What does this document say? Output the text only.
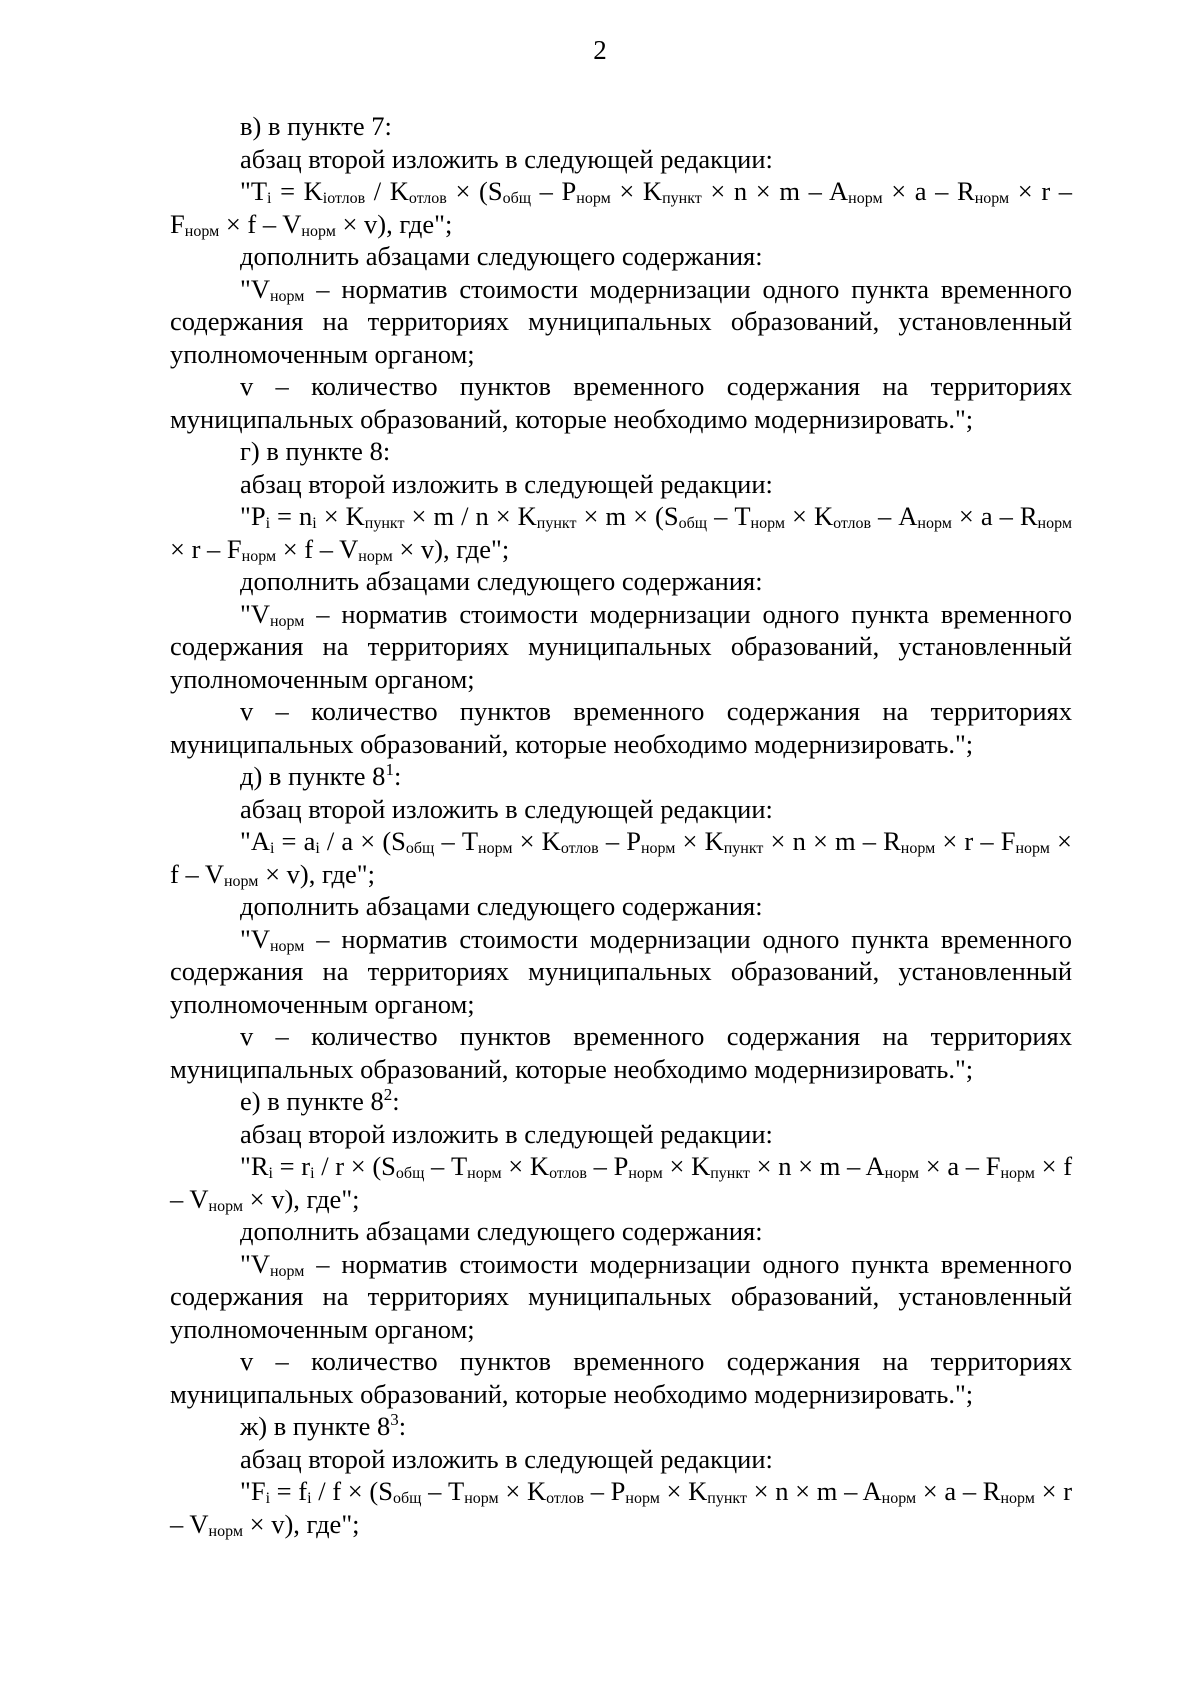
2

в) в пункте 7:

абзац второй изложить в следующей редакции:

"$T_i = K_{iотлов} / K_{отлов} \times (S_{общ} - P_{норм} \times K_{пункт} \times n \times m - A_{норм} \times a - R_{норм} \times r - F_{норм} \times f - V_{норм} \times v)$, где";

дополнить абзацами следующего содержания:

"$V_{норм}$ – норматив стоимости модернизации одного пункта временного содержания на территориях муниципальных образований, установленный уполномоченным органом;

v – количество пунктов временного содержания на территориях муниципальных образований, которые необходимо модернизировать.";

г) в пункте 8:

абзац второй изложить в следующей редакции:

"$P_i = n_i \times K_{пункт} \times m / n \times K_{пункт} \times m \times (S_{общ} - T_{норм} \times K_{отлов} - A_{норм} \times a - R_{норм} \times r - F_{норм} \times f - V_{норм} \times v)$, где";

дополнить абзацами следующего содержания:

"$V_{норм}$ – норматив стоимости модернизации одного пункта временного содержания на территориях муниципальных образований, установленный уполномоченным органом;

v – количество пунктов временного содержания на территориях муниципальных образований, которые необходимо модернизировать.";

д) в пункте $8^1$:

абзац второй изложить в следующей редакции:

"$A_i = a_i / a \times (S_{общ} - T_{норм} \times K_{отлов} - P_{норм} \times K_{пункт} \times n \times m - R_{норм} \times r - F_{норм} \times f - V_{норм} \times v)$, где";

дополнить абзацами следующего содержания:

"$V_{норм}$ – норматив стоимости модернизации одного пункта временного содержания на территориях муниципальных образований, установленный уполномоченным органом;

v – количество пунктов временного содержания на территориях муниципальных образований, которые необходимо модернизировать.";

е) в пункте $8^2$:

абзац второй изложить в следующей редакции:

"$R_i = r_i / r \times (S_{общ} - T_{норм} \times K_{отлов} - P_{норм} \times K_{пункт} \times n \times m - A_{норм} \times a - F_{норм} \times f - V_{норм} \times v)$, где";

дополнить абзацами следующего содержания:

"$V_{норм}$ – норматив стоимости модернизации одного пункта временного содержания на территориях муниципальных образований, установленный уполномоченным органом;

v – количество пунктов временного содержания на территориях муниципальных образований, которые необходимо модернизировать.";

ж) в пункте $8^3$:

абзац второй изложить в следующей редакции:

"$F_i = f_i / f \times (S_{общ} - T_{норм} \times K_{отлов} - P_{норм} \times K_{пункт} \times n \times m - A_{норм} \times a - R_{норм} \times r - V_{норм} \times v)$, где";
